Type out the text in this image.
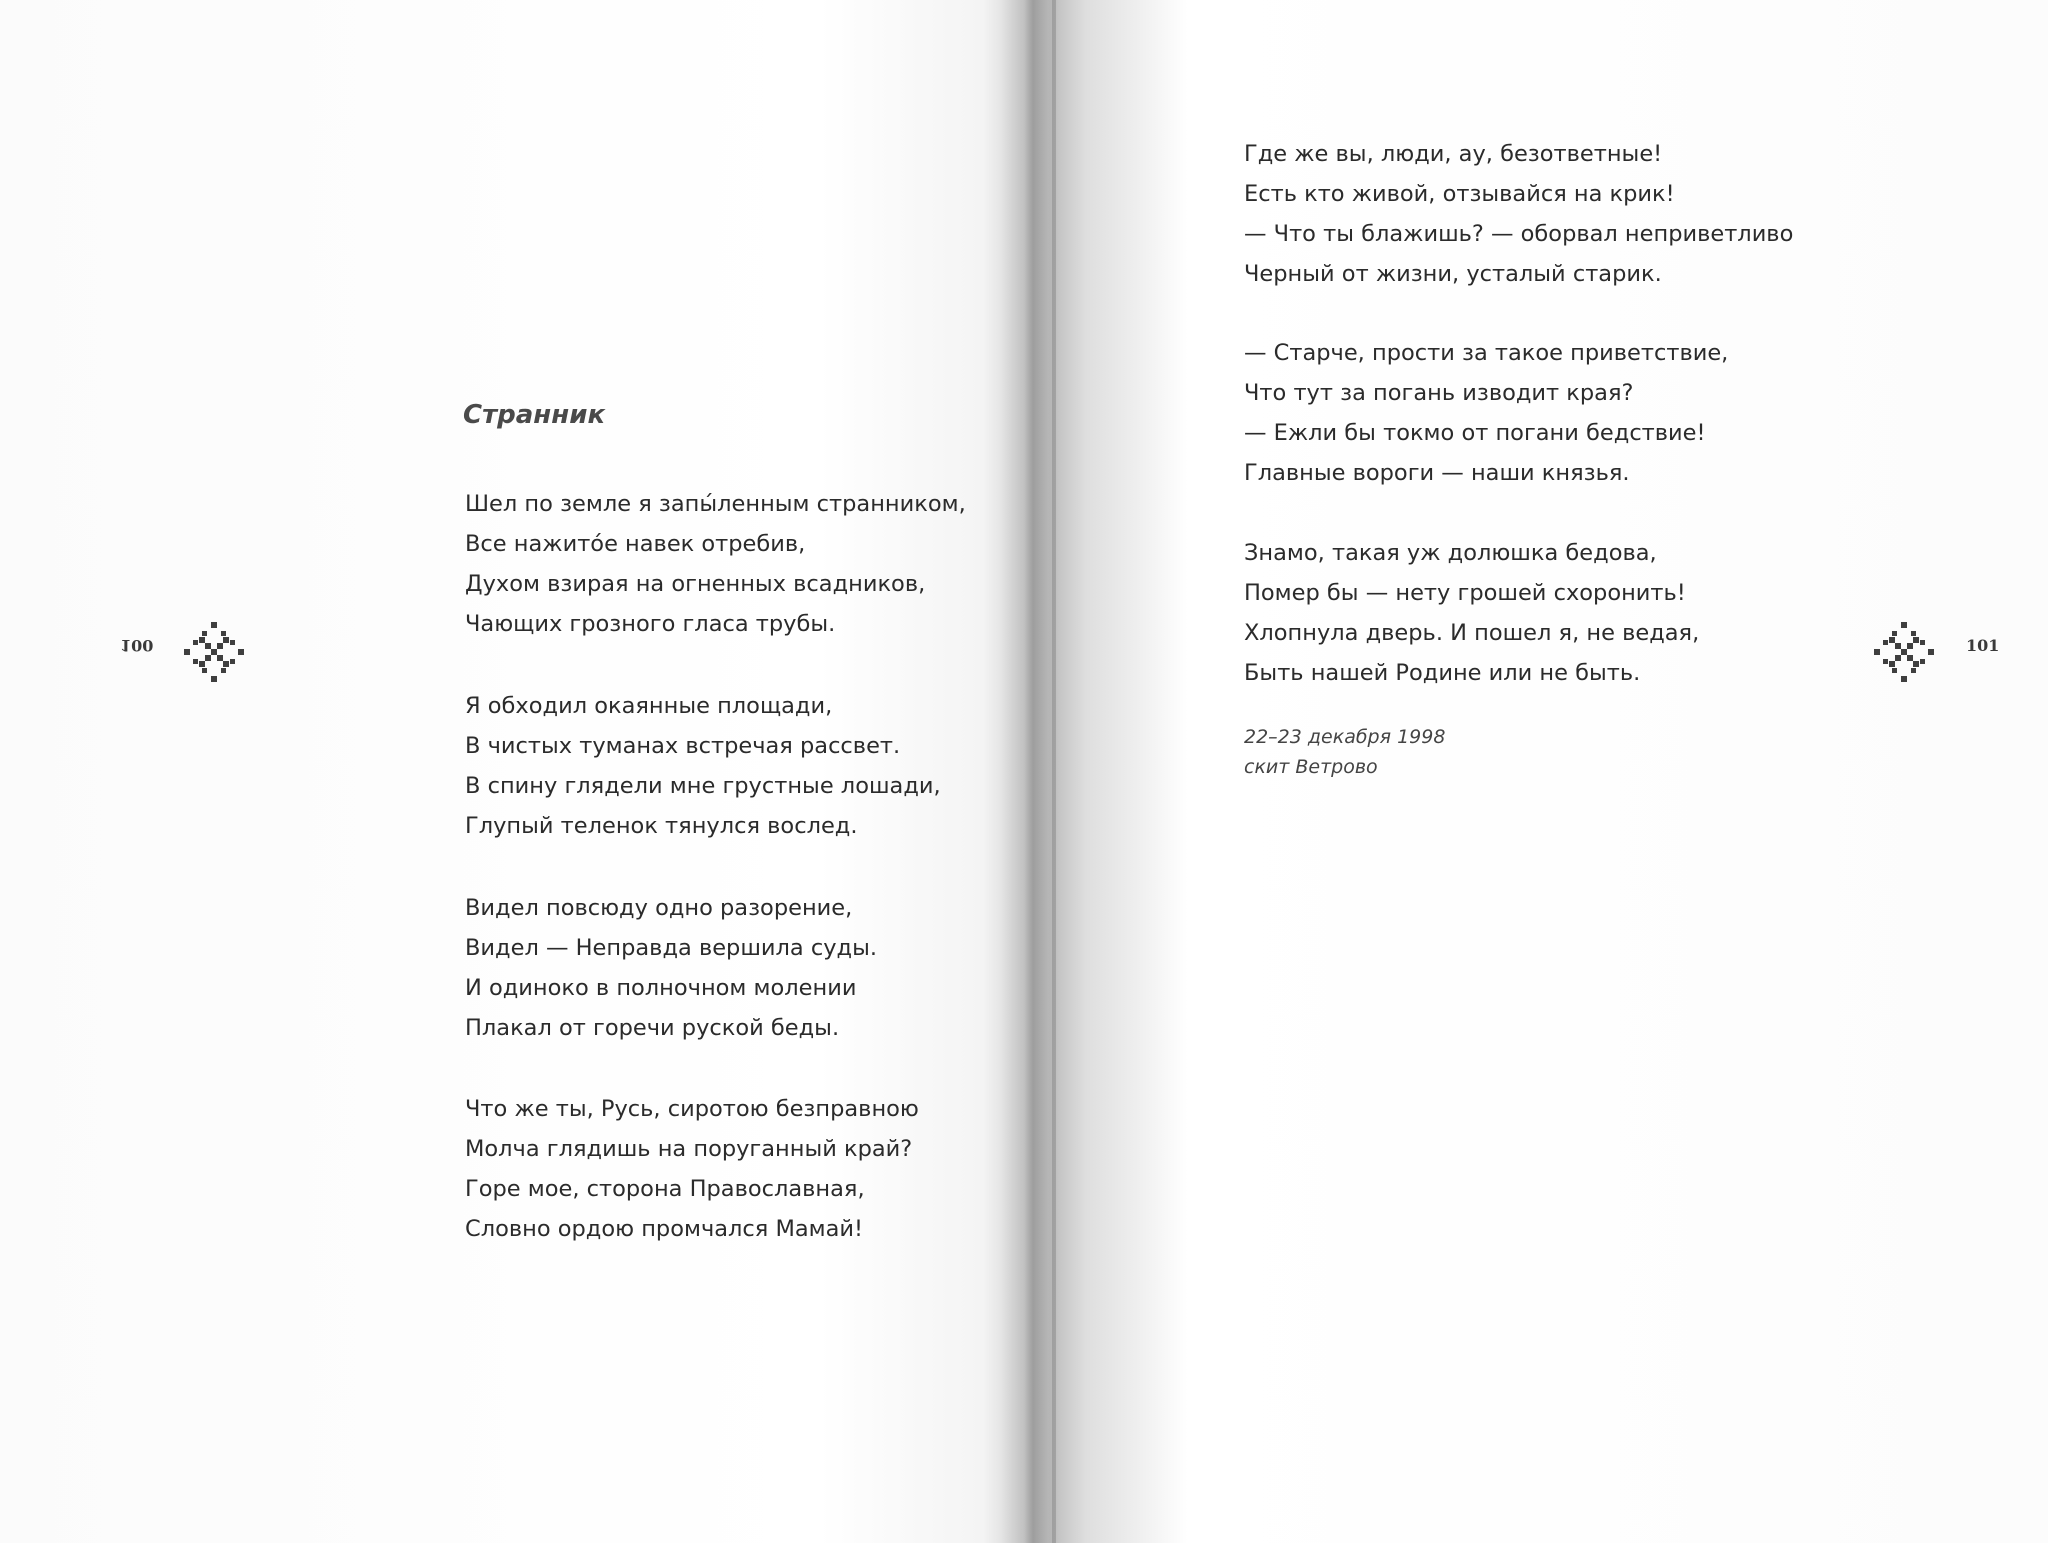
Странник
Шел по земле я запы́ленным странником,
Все нажито́е навек отребив,
Духом взирая на огненных всадников,
Чающих грозного гласа трубы.
Я обходил окаянные площади,
В чистых туманах встречая рассвет.
В спину глядели мне грустные лошади,
Глупый теленок тянулся вослед.
Видел повсюду одно разорение,
Видел — Неправда вершила суды.
И одиноко в полночном молении
Плакал от горечи руской беды.
Что же ты, Русь, сиротою безправною
Молча глядишь на поруганный край?
Горе мое, сторона Православная,
Словно ордою промчался Мамай!
100
Где же вы, люди, ау, безответные!
Есть кто живой, отзывайся на крик!
— Что ты блажишь? — оборвал неприветливо
Черный от жизни, усталый старик.
— Старче, прости за такое приветствие,
Что тут за погань изводит края?
— Ежли бы токмо от погани бедствие!
Главные вороги — наши князья.
Знамо, такая уж долюшка бедова,
Помер бы — нету грошей схоронить!
Хлопнула дверь. И пошел я, не ведая,
Быть нашей Родине или не быть.
22–23 декабря 1998
скит Ветрово
101
